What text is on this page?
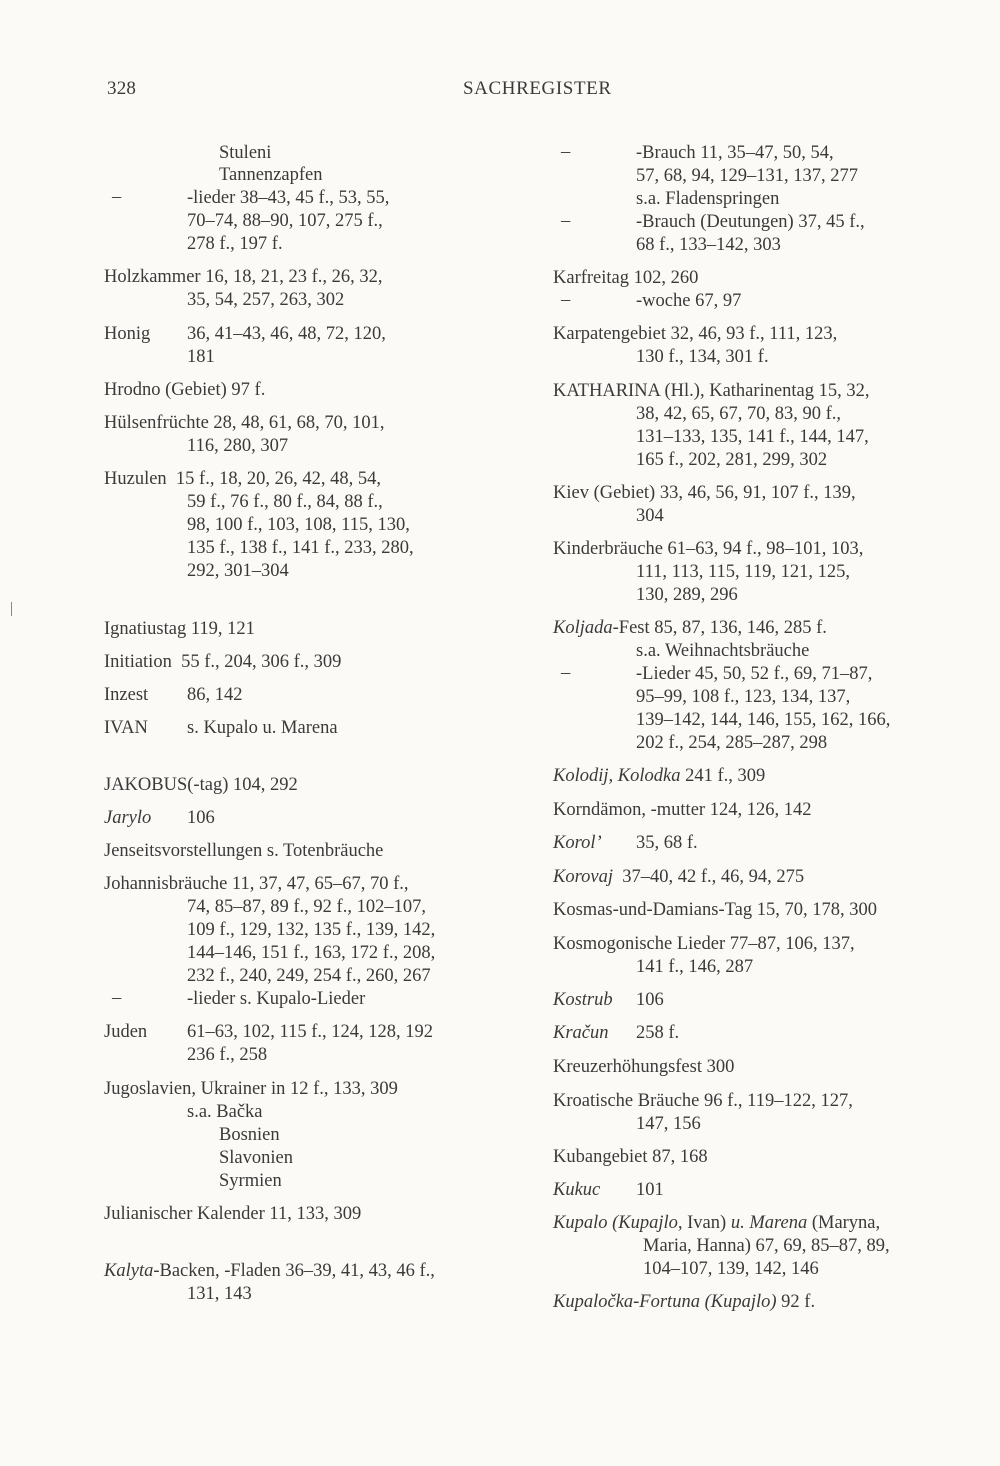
328	SACHREGISTER
Stuleni
Tannenzapfen
-lieder 38–43, 45 f., 53, 55,
–
70–74, 88–90, 107, 275 f.,
278 f., 197 f.
Holzkammer 16, 18, 21, 23 f., 26, 32,
35, 54, 257, 263, 302
Honig 36, 41–43, 46, 48, 72, 120,
181
Hrodno (Gebiet) 97 f.
Hülsenfrüchte 28, 48, 61, 68, 70, 101,
116, 280, 307
Huzulen  15 f., 18, 20, 26, 42, 48, 54,
59 f., 76 f., 80 f., 84, 88 f.,
98, 100 f., 103, 108, 115, 130,
135 f., 138 f., 141 f., 233, 280,
292, 301–304
Ignatiustag 119, 121
Initiation  55 f., 204, 306 f., 309
Inzest 86, 142
IVAN s. Kupalo u. Marena
JAKOBUS(-tag) 104, 292
Jarylo 106
Jenseitsvorstellungen s. Totenbräuche
Johannisbräuche 11, 37, 47, 65–67, 70 f.,
74, 85–87, 89 f., 92 f., 102–107,
109 f., 129, 132, 135 f., 139, 142,
144–146, 151 f., 163, 172 f., 208,
232 f., 240, 249, 254 f., 260, 267
-lieder s. Kupalo-Lieder
–
Juden 61–63, 102, 115 f., 124, 128, 192
236 f., 258
Jugoslavien, Ukrainer in 12 f., 133, 309
s.a. Bačka
Bosnien
Slavonien
Syrmien
Julianischer Kalender 11, 133, 309
Kalyta-Backen, -Fladen 36–39, 41, 43, 46 f.,
131, 143
-Brauch 11, 35–47, 50, 54,
–
57, 68, 94, 129–131, 137, 277
s.a. Fladenspringen
-Brauch (Deutungen) 37, 45 f.,
–
68 f., 133–142, 303
Karfreitag 102, 260
-woche 67, 97
–
Karpatengebiet 32, 46, 93 f., 111, 123,
130 f., 134, 301 f.
KATHARINA (Hl.), Katharinentag 15, 32,
38, 42, 65, 67, 70, 83, 90 f.,
131–133, 135, 141 f., 144, 147,
165 f., 202, 281, 299, 302
Kiev (Gebiet) 33, 46, 56, 91, 107 f., 139,
304
Kinderbräuche 61–63, 94 f., 98–101, 103,
111, 113, 115, 119, 121, 125,
130, 289, 296
Koljada-Fest 85, 87, 136, 146, 285 f.
s.a. Weihnachtsbräuche
-Lieder 45, 50, 52 f., 69, 71–87,
–
95–99, 108 f., 123, 134, 137,
139–142, 144, 146, 155, 162, 166,
202 f., 254, 285–287, 298
Kolodij, Kolodka 241 f., 309
Korndämon, -mutter 124, 126, 142
Korol’ 35, 68 f.
Korovaj  37–40, 42 f., 46, 94, 275
Kosmas-und-Damians-Tag 15, 70, 178, 300
Kosmogonische Lieder 77–87, 106, 137,
141 f., 146, 287
Kostrub 106
Kračun 258 f.
Kreuzerhöhungsfest 300
Kroatische Bräuche 96 f., 119–122, 127,
147, 156
Kubangebiet 87, 168
Kukuc 101
Kupalo (Kupajlo, Ivan) u. Marena (Maryna,
Maria, Hanna) 67, 69, 85–87, 89,
104–107, 139, 142, 146
Kupaločka-Fortuna (Kupajlo) 92 f.
